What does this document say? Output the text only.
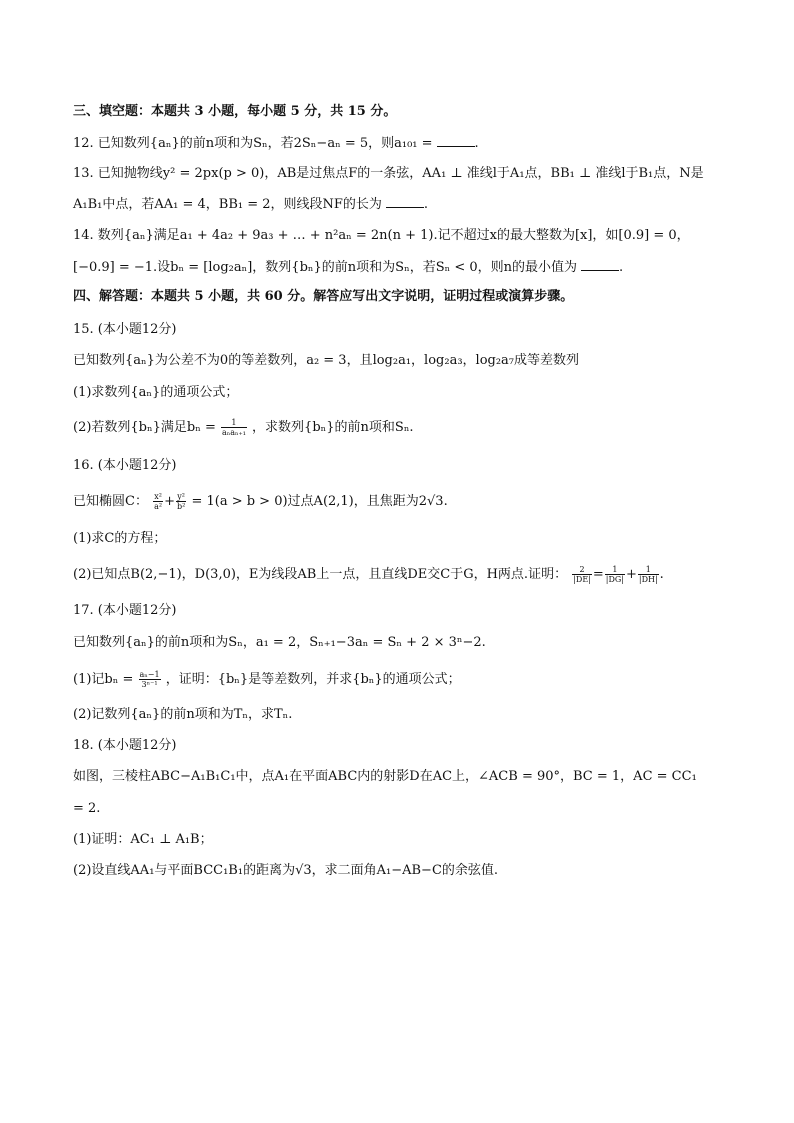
三、填空题：本题共 3 小题，每小题 5 分，共 15 分。
12. 已知数列{aₙ}的前n项和为Sₙ，若2Sₙ−aₙ = 5，则a₁₀₁ =	.
13. 已知抛物线y² = 2px(p > 0)，AB是过焦点F的一条弦，AA₁ ⊥ 准线l于A₁点，BB₁ ⊥ 准线l于B₁点，N是
A₁B₁中点，若AA₁ = 4，BB₁ = 2，则线段NF的长为	.
14. 数列{aₙ}满足a₁ + 4a₂ + 9a₃ + … + n²aₙ = 2n(n + 1).记不超过x的最大整数为[x]，如[0.9] = 0，
[−0.9] = −1.设bₙ = [log₂aₙ]，数列{bₙ}的前n项和为Sₙ，若Sₙ < 0，则n的最小值为	.
四、解答题：本题共 5 小题，共 60 分。解答应写出文字说明，证明过程或演算步骤。
15. (本小题12分)
已知数列{aₙ}为公差不为0的等差数列，a₂ = 3，且log₂a₁，log₂a₃，log₂a₇成等差数列
(1)求数列{aₙ}的通项公式；
(2)若数列{bₙ}满足$b_n = \frac{1}{\text{aₙaₙ₊₁}}$ ，求数列{bₙ}的前n项和Sₙ.
16. (本小题12分)
已知椭圆C： $\frac{\text{x²}}{\text{a²}} + \frac{\text{y²}}{\text{b²}} = 1(a > b > 0)$过点A(2,1)，且焦距为2√3.
(1)求C的方程；
(2)已知点B(2,−1)，D(3,0)，E为线段AB上一点，且直线DE交C于G，H两点.证明： $\frac{2}{|DE|} = \frac{1}{|DG|} + \frac{1}{|DH|}$ .
17. (本小题12分)
已知数列{aₙ}的前n项和为Sₙ，a₁ = 2，Sₙ₊₁−3aₙ = Sₙ + 2 × 3ⁿ−2.
(1)记$b_n = \frac{\text{aₙ−1}}{\text{3ⁿ⁻¹}}$ ，证明：{bₙ}是等差数列，并求{bₙ}的通项公式；
(2)记数列{aₙ}的前n项和为Tₙ，求Tₙ.
18. (本小题12分)
如图，三棱柱ABC−A₁B₁C₁中，点A₁在平面ABC内的射影D在AC上，∠ACB = 90°，BC = 1，AC = CC₁
= 2.
(1)证明：AC₁ ⊥ A₁B；
(2)设直线AA₁与平面BCC₁B₁的距离为√3，求二面角A₁−AB−C的余弦值.
